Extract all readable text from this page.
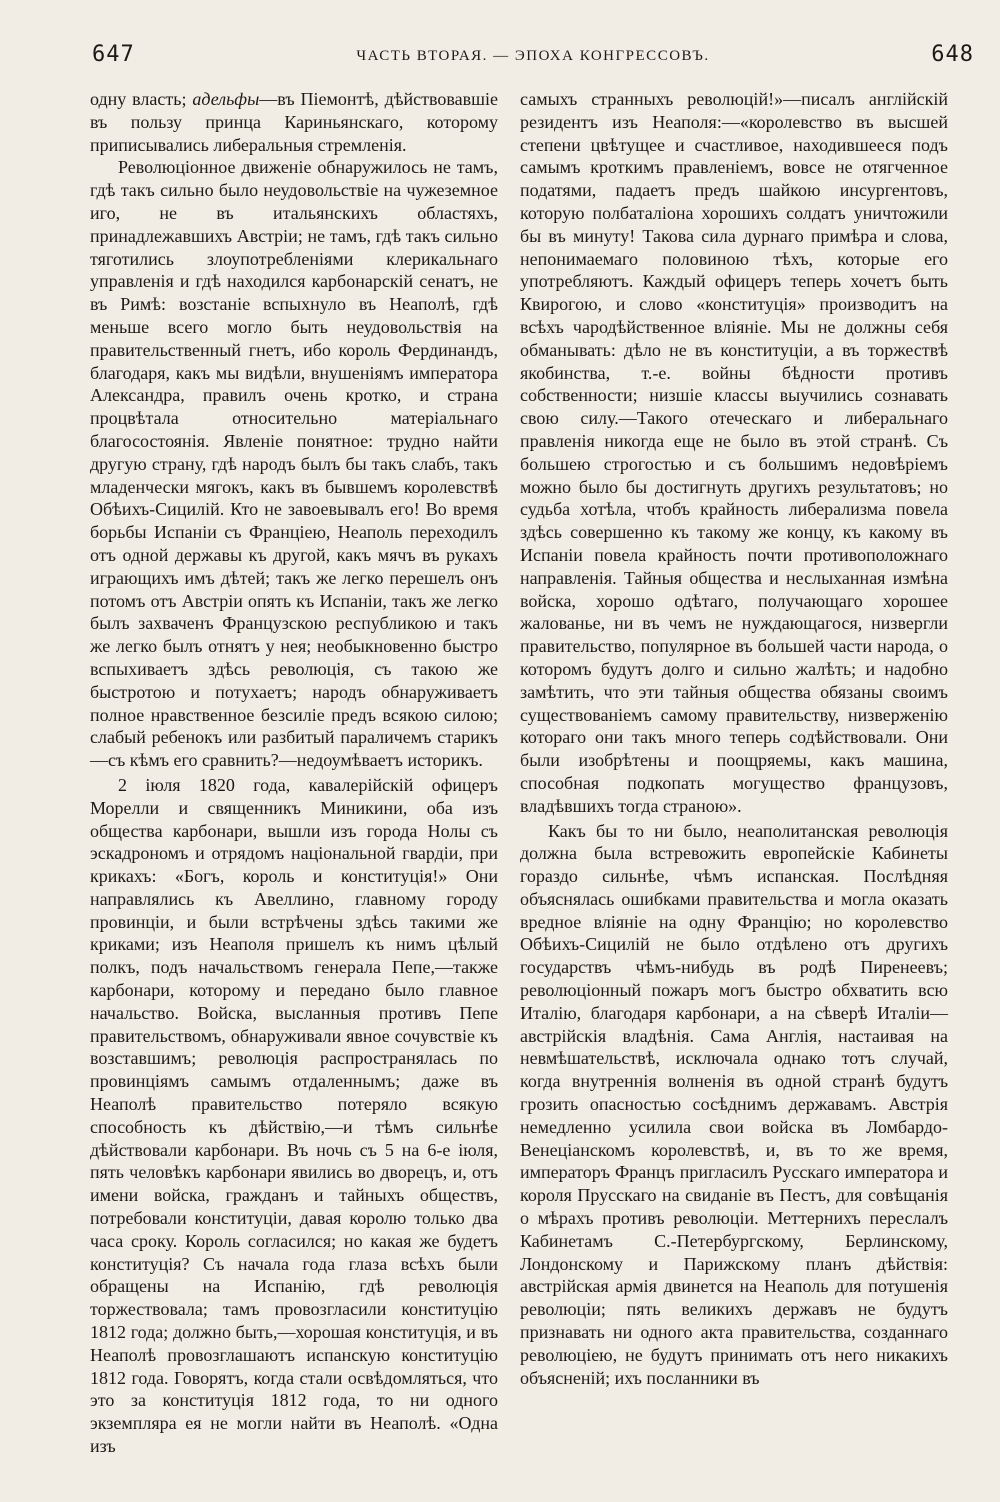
647	ЧАСТЬ ВТОРАЯ. — ЭПОХА КОНГРЕССОВЪ.	648

одну власть; адельфы—въ Піемонтѣ, дѣйствовавшіе въ пользу принца Кариньянскаго, которому приписывались либеральныя стремленія.

Революціонное движеніе обнаружилось не тамъ, гдѣ такъ сильно было неудовольствіе на чужеземное иго, не въ итальянскихъ областяхъ, принадлежавшихъ Австріи; не тамъ, гдѣ такъ сильно тяготились злоупотребленіями клерикальнаго управленія и гдѣ находился карбонарскій сенатъ, не въ Римѣ: возстаніе вспыхнуло въ Неаполѣ, гдѣ меньше всего могло быть неудовольствія на правительственный гнетъ, ибо король Фердинандъ, благодаря, какъ мы видѣли, внушеніямъ императора Александра, правилъ очень кротко, и страна процвѣтала относительно матеріальнаго благосостоянія. Явленіе понятное: трудно найти другую страну, гдѣ народъ былъ бы такъ слабъ, такъ младенчески мягокъ, какъ въ бывшемъ королевствѣ Обѣихъ-Сицилій. Кто не завоевывалъ его! Во время борьбы Испаніи съ Франціею, Неаполь переходилъ отъ одной державы къ другой, какъ мячъ въ рукахъ играющихъ имъ дѣтей; такъ же легко перешелъ онъ потомъ отъ Австріи опять къ Испаніи, такъ же легко былъ захваченъ Французскою республикою и такъ же легко былъ отнятъ у нея; необыкновенно быстро вспыхиваетъ здѣсь революція, съ такою же быстротою и потухаетъ; народъ обнаруживаетъ полное нравственное безсиліе предъ всякою силою; слабый ребенокъ или разбитый параличемъ старикъ—съ кѣмъ его сравнить?—недоумѣваетъ историкъ.

2 іюля 1820 года, кавалерійскій офицеръ Морелли и священникъ Миникини, оба изъ общества карбонари, вышли изъ города Нолы съ эскадрономъ и отрядомъ національной гвардіи, при крикахъ: «Богъ, король и конституція!» Они направлялись къ Авеллино, главному городу провинціи, и были встрѣчены здѣсь такими же криками; изъ Неаполя пришелъ къ нимъ цѣлый полкъ, подъ начальствомъ генерала Пепе,—также карбонари, которому и передано было главное начальство. Войска, высланныя противъ Пепе правительствомъ, обнаруживали явное сочувствіе къ возставшимъ; революція распространялась по провинціямъ самымъ отдаленнымъ; даже въ Неаполѣ правительство потеряло всякую способность къ дѣйствію,—и тѣмъ сильнѣе дѣйствовали карбонари. Въ ночь съ 5 на 6-е іюля, пять человѣкъ карбонари явились во дворецъ, и, отъ имени войска, гражданъ и тайныхъ обществъ, потребовали конституціи, давая королю только два часа сроку. Король согласился; но какая же будетъ конституція? Съ начала года глаза всѣхъ были обращены на Испанію, гдѣ революція торжествовала; тамъ провозгласили конституцію 1812 года; должно быть,—хорошая конституція, и въ Неаполѣ провозглашаютъ испанскую конституцію 1812 года. Говорятъ, когда стали освѣдомляться, что это за конституція 1812 года, то ни одного экземпляра ея не могли найти въ Неаполѣ. «Одна изъ

самыхъ странныхъ революцій!»—писалъ англійскій резидентъ изъ Неаполя:—«королевство въ высшей степени цвѣтущее и счастливое, находившееся подъ самымъ кроткимъ правленіемъ, вовсе не отягченное податями, падаетъ предъ шайкою инсургентовъ, которую полбаталіона хорошихъ солдатъ уничтожили бы въ минуту! Такова сила дурнаго примѣра и слова, непонимаемаго половиною тѣхъ, которые его употребляютъ. Каждый офицеръ теперь хочетъ быть Квирогою, и слово «конституція» производитъ на всѣхъ чародѣйственное вліяніе. Мы не должны себя обманывать: дѣло не въ конституціи, а въ торжествѣ якобинства, т.-е. войны бѣдности противъ собственности; низшіе классы выучились сознавать свою силу.—Такого отеческаго и либеральнаго правленія никогда еще не было въ этой странѣ. Съ большею строгостью и съ большимъ недовѣріемъ можно было бы достигнуть другихъ результатовъ; но судьба хотѣла, чтобъ крайность либерализма повела здѣсь совершенно къ такому же концу, къ какому въ Испаніи повела крайность почти противоположнаго направленія. Тайныя общества и неслыханная измѣна войска, хорошо одѣтаго, получающаго хорошее жалованье, ни въ чемъ не нуждающагося, низвергли правительство, популярное въ большей части народа, о которомъ будутъ долго и сильно жалѣть; и надобно замѣтить, что эти тайныя общества обязаны своимъ существованіемъ самому правительству, низверженію котораго они такъ много теперь содѣйствовали. Они были изобрѣтены и поощряемы, какъ машина, способная подкопать могущество французовъ, владѣвшихъ тогда страною».

Какъ бы то ни было, неаполитанская революція должна была встревожить европейскіе Кабинеты гораздо сильнѣе, чѣмъ испанская. Послѣдняя объяснялась ошибками правительства и могла оказать вредное вліяніе на одну Францію; но королевство Обѣихъ-Сицилій не было отдѣлено отъ другихъ государствъ чѣмъ-нибудь въ родѣ Пиренеевъ; революціонный пожаръ могъ быстро обхватить всю Италію, благодаря карбонари, а на сѣверѣ Италіи—австрійскія владѣнія. Сама Англія, настаивая на невмѣшательствѣ, исключала однако тотъ случай, когда внутреннія волненія въ одной странѣ будутъ грозить опасностью сосѣднимъ державамъ. Австрія немедленно усилила свои войска въ Ломбардо-Венеціанскомъ королевствѣ, и, въ то же время, императоръ Францъ пригласилъ Русскаго императора и короля Прусскаго на свиданіе въ Пестъ, для совѣщанія о мѣрахъ противъ революціи. Меттернихъ переслалъ Кабинетамъ С.-Петербургскому, Берлинскому, Лондонскому и Парижскому планъ дѣйствія: австрійская армія двинется на Неаполь для потушенія революціи; пять великихъ державъ не будутъ признавать ни одного акта правительства, созданнаго революціею, не будутъ принимать отъ него никакихъ объясненій; ихъ посланники въ
